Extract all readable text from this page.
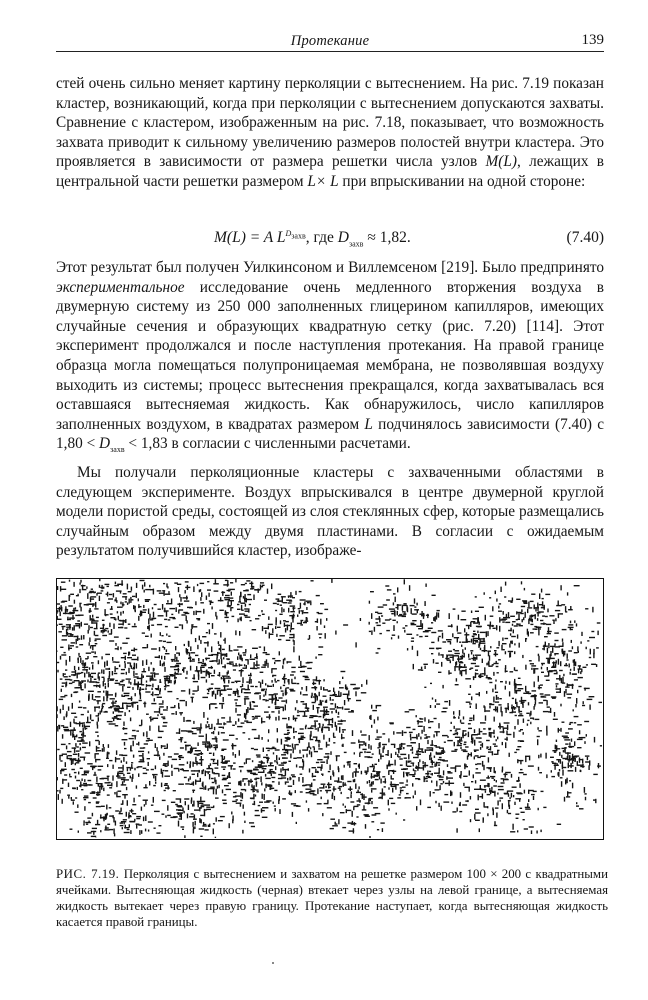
Протекание	139

стей очень сильно меняет картину перколяции с вытеснением. На рис. 7.19 показан кластер, возникающий, когда при перколяции с вытеснением допускаются захваты. Сравнение с кластером, изображенным на рис. 7.18, показывает, что возможность захвата приводит к сильному увеличению размеров полостей внутри кластера. Это проявляется в зависимости от размера решетки числа узлов M(L), лежащих в центральной части решетки размером L× L при впрыскивании на одной стороне:

M(L) = A $L^{D_{захв}}$, где $D_{захв} \approx 1,82$.	(7.40)

Этот результат был получен Уилкинсоном и Виллемсеном [219]. Было предпринято экспериментальное исследование очень медленного вторжения воздуха в двумерную систему из 250 000 заполненных глицерином капилляров, имеющих случайные сечения и образующих квадратную сетку (рис. 7.20) [114]. Этот эксперимент продолжался и после наступления протекания. На правой границе образца могла помещаться полупроницаемая мембрана, не позволявшая воздуху выходить из системы; процесс вытеснения прекращался, когда захватывалась вся оставшаяся вытесняемая жидкость. Как обнаружилось, число капилляров заполненных воздухом, в квадратах размером L подчинялось зависимости (7.40) с $1,80 < D_{захв} < 1,83$ в согласии с численными расчетами.

Мы получали перколяционные кластеры с захваченными областями в следующем эксперименте. Воздух впрыскивался в центре двумерной круглой модели пористой среды, состоящей из слоя стеклянных сфер, которые размещались случайным образом между двумя пластинами. В согласии с ожидаемым результатом получившийся кластер, изображе-

РИС. 7.19. Перколяция с вытеснением и захватом на решетке размером 100 × 200 с квадратными ячейками. Вытесняющая жидкость (черная) втекает через узлы на левой границе, а вытесняемая жидкость вытекает через правую границу. Протекание наступает, когда вытесняющая жидкость касается правой границы.
